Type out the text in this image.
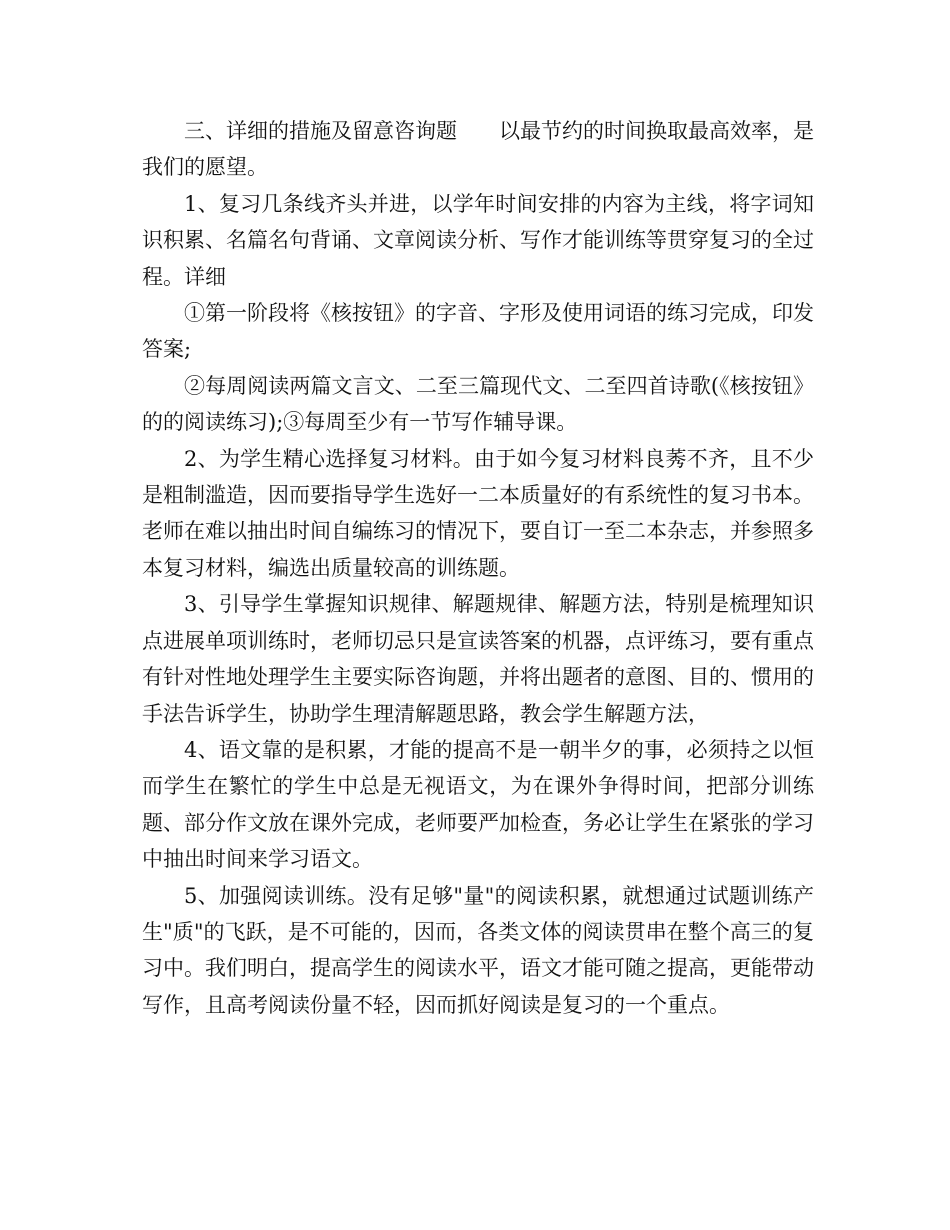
三、详细的措施及留意咨询题　　以最节约的时间换取最高效率，是我们的愿望。

1、复习几条线齐头并进，以学年时间安排的内容为主线，将字词知识积累、名篇名句背诵、文章阅读分析、写作才能训练等贯穿复习的全过程。详细

①第一阶段将《核按钮》的字音、字形及使用词语的练习完成，印发答案;

②每周阅读两篇文言文、二至三篇现代文、二至四首诗歌(《核按钮》的的阅读练习);③每周至少有一节写作辅导课。

2、为学生精心选择复习材料。由于如今复习材料良莠不齐，且不少是粗制滥造，因而要指导学生选好一二本质量好的有系统性的复习书本。老师在难以抽出时间自编练习的情况下，要自订一至二本杂志，并参照多本复习材料，编选出质量较高的训练题。

3、引导学生掌握知识规律、解题规律、解题方法，特别是梳理知识点进展单项训练时，老师切忌只是宣读答案的机器，点评练习，要有重点有针对性地处理学生主要实际咨询题，并将出题者的意图、目的、惯用的手法告诉学生，协助学生理清解题思路，教会学生解题方法，

4、语文靠的是积累，才能的提高不是一朝半夕的事，必须持之以恒而学生在繁忙的学生中总是无视语文，为在课外争得时间，把部分训练题、部分作文放在课外完成，老师要严加检查，务必让学生在紧张的学习中抽出时间来学习语文。

5、加强阅读训练。没有足够"量"的阅读积累，就想通过试题训练产生"质"的飞跃，是不可能的，因而，各类文体的阅读贯串在整个高三的复习中。我们明白，提高学生的阅读水平，语文才能可随之提高，更能带动写作，且高考阅读份量不轻，因而抓好阅读是复习的一个重点。
